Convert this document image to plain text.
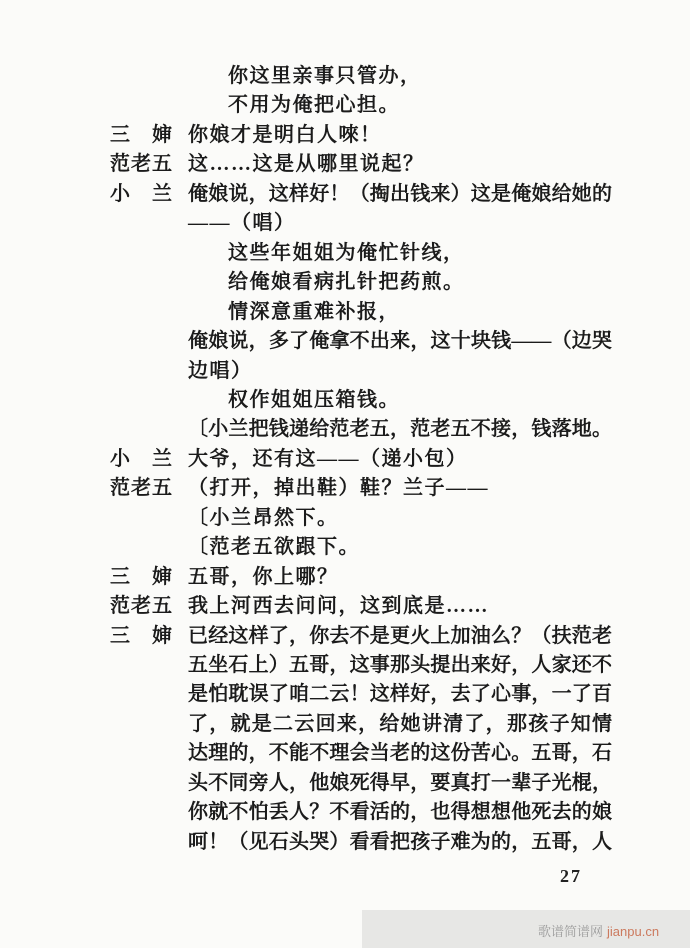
你这里亲事只管办，
不用为俺把心担。
三　婶 你娘才是明白人唻！
范老五 这……这是从哪里说起？
小　兰 俺娘说，这样好！（掏出钱来）这是俺娘给她的
——（唱）
这些年姐姐为俺忙针线，
给俺娘看病扎针把药煎。
情深意重难补报，
俺娘说，多了俺拿不出来，这十块钱——（边哭
边唱）
权作姐姐压箱钱。
〔小兰把钱递给范老五，范老五不接，钱落地。
小　兰 大爷，还有这——（递小包）
范老五 （打开，掉出鞋）鞋？兰子——
〔小兰昂然下。
〔范老五欲跟下。
三　婶 五哥，你上哪？
范老五 我上河西去问问，这到底是……
三　婶 已经这样了，你去不是更火上加油么？（扶范老
五坐石上）五哥，这事那头提出来好，人家还不
是怕耽误了咱二云！这样好，去了心事，一了百
了，就是二云回来，给她讲清了，那孩子知情
达理的，不能不理会当老的这份苦心。五哥，石
头不同旁人，他娘死得早，要真打一辈子光棍，
你就不怕丢人？不看活的，也得想想他死去的娘
呵！（见石头哭）看看把孩子难为的，五哥，人
27
歌谱简谱网 jianpu.cn
